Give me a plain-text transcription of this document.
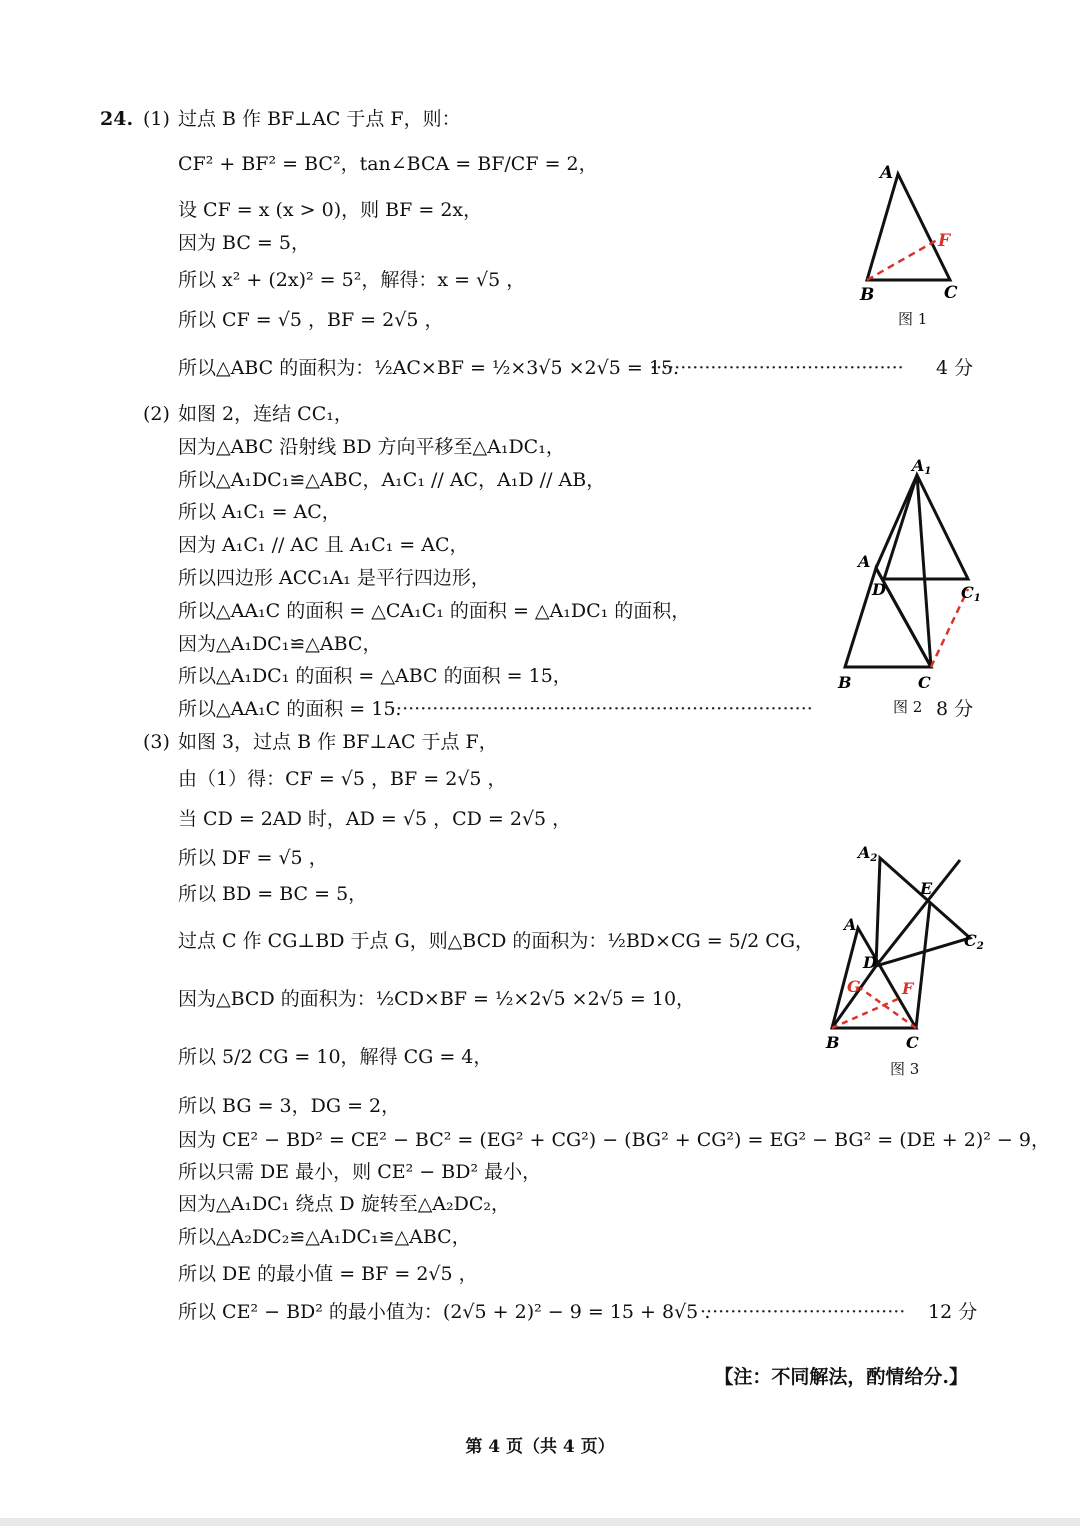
24. (1) 过点 B 作 BF⊥AC 于点 F，则：
CF² + BF² = BC²，tan∠BCA = BF/CF = 2，
设 CF = x (x > 0)，则 BF = 2x，
因为 BC = 5，
所以 x² + (2x)² = 5²，解得：x = √5 ，
所以 CF = √5 ，BF = 2√5 ，
所以△ABC 的面积为：½AC×BF = ½×3√5 ×2√5 = 15.
·········································· 4 分
(2) 如图 2，连结 CC₁，
因为△ABC 沿射线 BD 方向平移至△A₁DC₁，
所以△A₁DC₁≌△ABC，A₁C₁ // AC，A₁D // AB，
所以 A₁C₁ = AC，
因为 A₁C₁ // AC 且 A₁C₁ = AC，
所以四边形 ACC₁A₁ 是平行四边形，
所以△AA₁C 的面积 = △CA₁C₁ 的面积 = △A₁DC₁ 的面积，
因为△A₁DC₁≌△ABC，
所以△A₁DC₁ 的面积 = △ABC 的面积 = 15，
所以△AA₁C 的面积 = 15.
······································································	8 分
(3) 如图 3，过点 B 作 BF⊥AC 于点 F，
由（1）得：CF = √5 ，BF = 2√5 ，
当 CD = 2AD 时，AD = √5 ，CD = 2√5 ，
所以 DF = √5 ，
所以 BD = BC = 5，
过点 C 作 CG⊥BD 于点 G，则△BCD 的面积为：½BD×CG = 5/2 CG，
因为△BCD 的面积为：½CD×BF = ½×2√5 ×2√5 = 10，
所以 5/2 CG = 10，解得 CG = 4，
所以 BG = 3，DG = 2，
因为 CE² − BD² = CE² − BC² = (EG² + CG²) − (BG² + CG²) = EG² − BG² = (DE + 2)² − 9，
所以只需 DE 最小，则 CE² − BD² 最小，
因为△A₁DC₁ 绕点 D 旋转至△A₂DC₂，
所以△A₂DC₂≌△A₁DC₁≌△ABC，
所以 DE 的最小值 = BF = 2√5 ，
所以 CE² − BD² 的最小值为：(2√5 + 2)² − 9 = 15 + 8√5 .
·································· 12 分
A
B	C
F
图 1
A1
A
D	C1
B	C
图 2
A2
E
A
C2
D
G	F
B	C
图 3
【注：不同解法，酌情给分.】
第 4 页（共 4 页）
